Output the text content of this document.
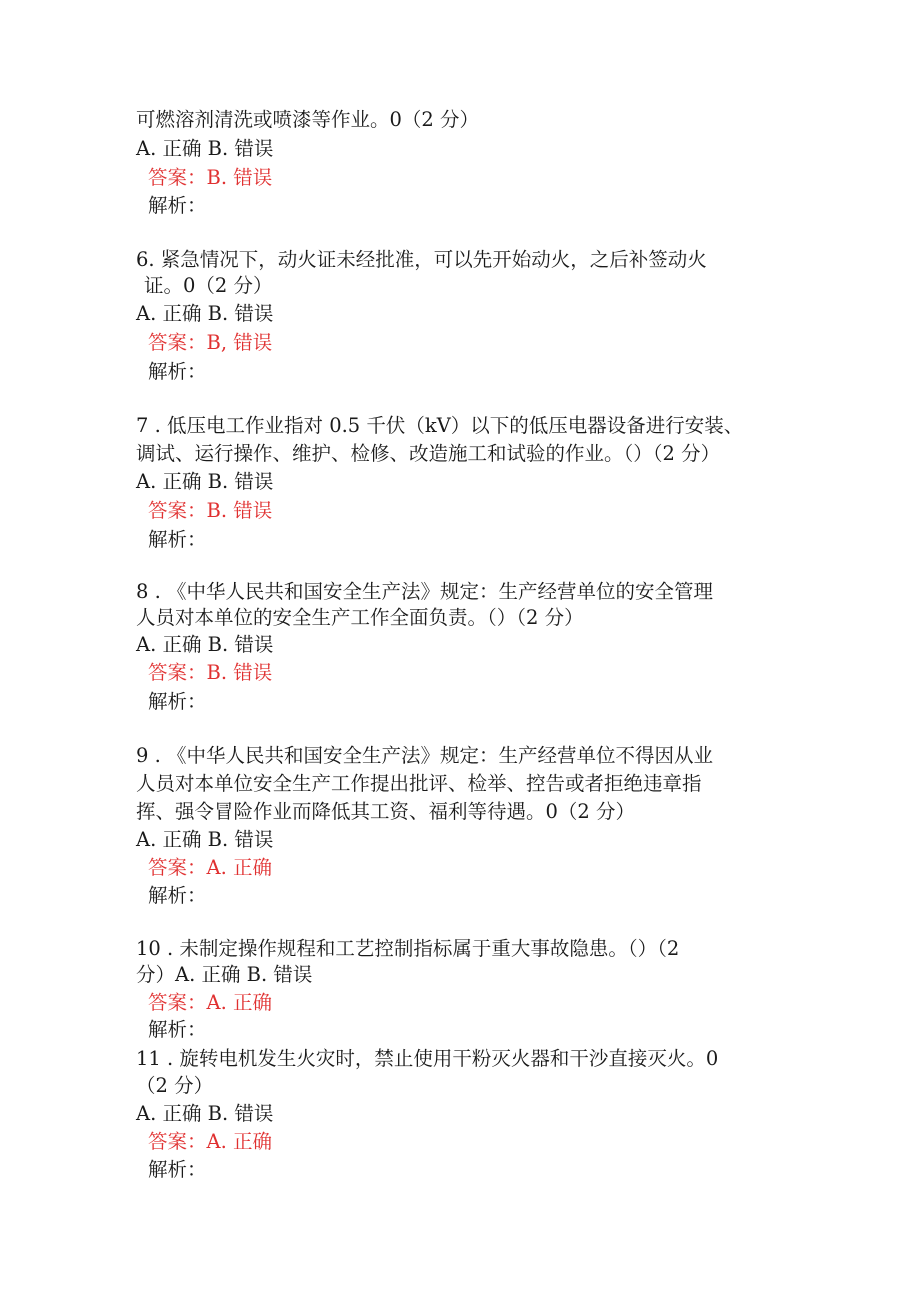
可燃溶剂清洗或喷漆等作业。0（2 分）
A. 正确 B. 错误
答案：B. 错误
解析：
6. 紧急情况下，动火证未经批准，可以先开始动火，之后补签动火
证。0（2 分）
A. 正确 B. 错误
答案：B, 错误
解析：
7 . 低压电工作业指对 0.5 千伏（kV）以下的低压电器设备进行安装、
调试、运行操作、维护、检修、改造施工和试验的作业。（）（2 分）
A. 正确 B. 错误
答案：B. 错误
解析：
8 . 《中华人民共和国安全生产法》规定：生产经营单位的安全管理
人员对本单位的安全生产工作全面负责。（）（2 分）
A. 正确 B. 错误
答案：B. 错误
解析：
9 . 《中华人民共和国安全生产法》规定：生产经营单位不得因从业
人员对本单位安全生产工作提出批评、检举、控告或者拒绝违章指
挥、强令冒险作业而降低其工资、福利等待遇。0（2 分）
A. 正确 B. 错误
答案：A. 正确
解析：
10 . 未制定操作规程和工艺控制指标属于重大事故隐患。（）（2
分）A. 正确 B. 错误
答案：A. 正确
解析：
11 . 旋转电机发生火灾时，禁止使用干粉灭火器和干沙直接灭火。0
（2 分）
A. 正确 B. 错误
答案：A. 正确
解析：
